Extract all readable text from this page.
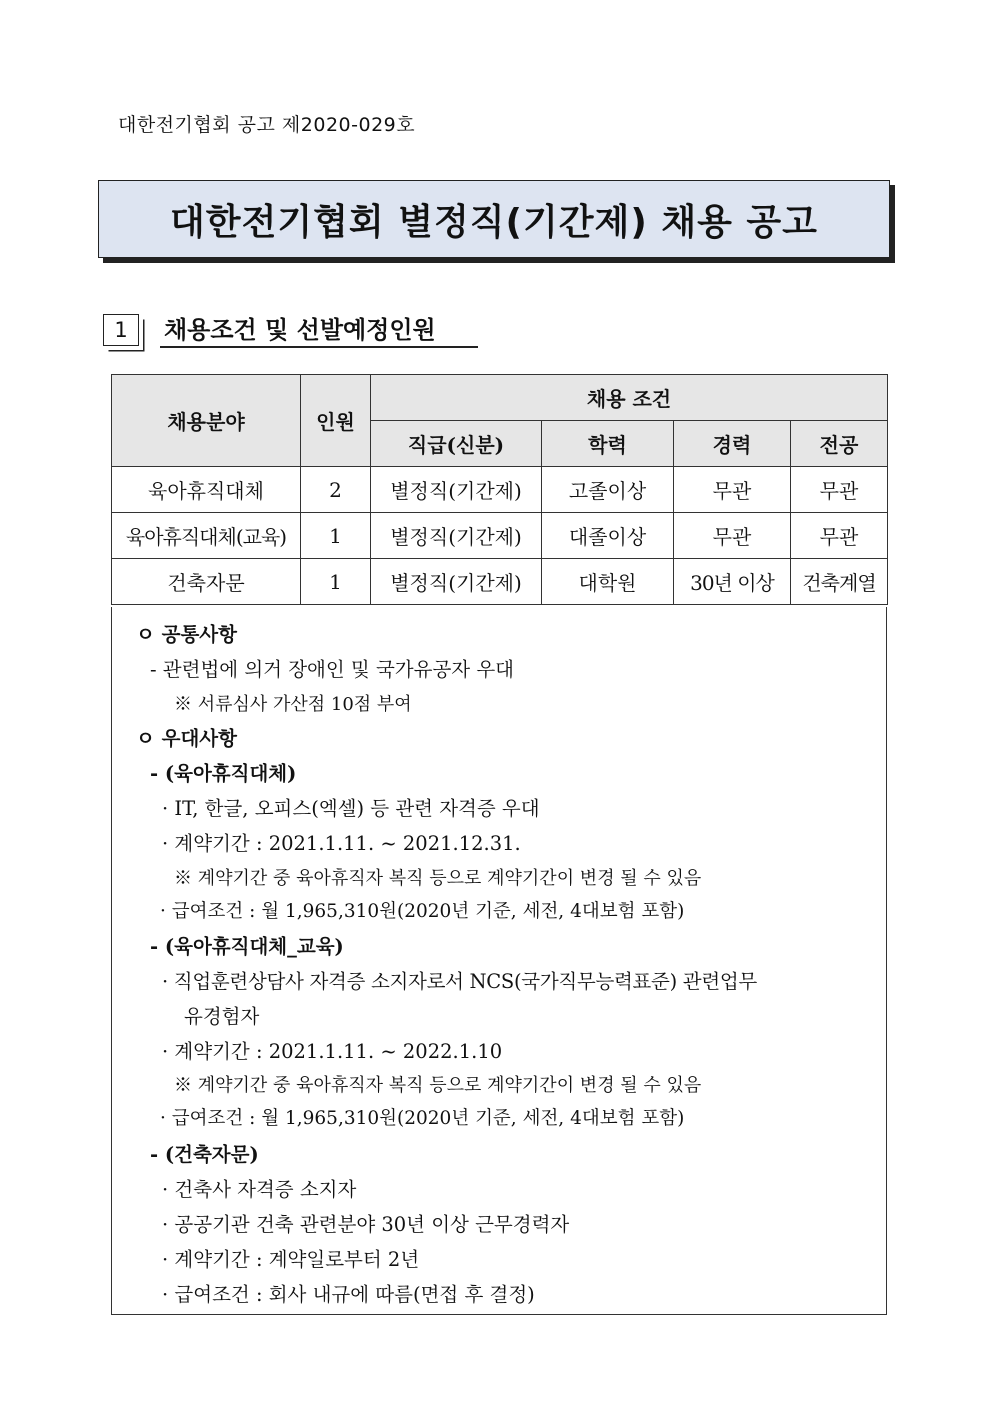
대한전기협회 공고 제2020-029호
대한전기협회 별정직(기간제) 채용 공고
1	채용조건 및 선발예정인원
채용분야	인원	채용 조건			
		직급(신분)	학력	경력	전공
육아휴직대체	2	별정직(기간제)	고졸이상	무관	무관
육아휴직대체(교육)	1	별정직(기간제)	대졸이상	무관	무관
건축자문	1	별정직(기간제)	대학원	30년 이상	건축계열
ㅇ 공통사항
- 관련법에 의거 장애인 및 국가유공자 우대
※ 서류심사 가산점 10점 부여
ㅇ 우대사항
- (육아휴직대체)
· IT, 한글, 오피스(엑셀) 등 관련 자격증 우대
· 계약기간 : 2021.1.11. ~ 2021.12.31.
※ 계약기간 중 육아휴직자 복직 등으로 계약기간이 변경 될 수 있음
· 급여조건 : 월 1,965,310원(2020년 기준, 세전, 4대보험 포함)
- (육아휴직대체_교육)
· 직업훈련상담사 자격증 소지자로서 NCS(국가직무능력표준) 관련업무
유경험자
· 계약기간 : 2021.1.11. ~ 2022.1.10
※ 계약기간 중 육아휴직자 복직 등으로 계약기간이 변경 될 수 있음
· 급여조건 : 월 1,965,310원(2020년 기준, 세전, 4대보험 포함)
- (건축자문)
· 건축사 자격증 소지자
· 공공기관 건축 관련분야 30년 이상 근무경력자
· 계약기간 : 계약일로부터 2년
· 급여조건 : 회사 내규에 따름(면접 후 결정)
